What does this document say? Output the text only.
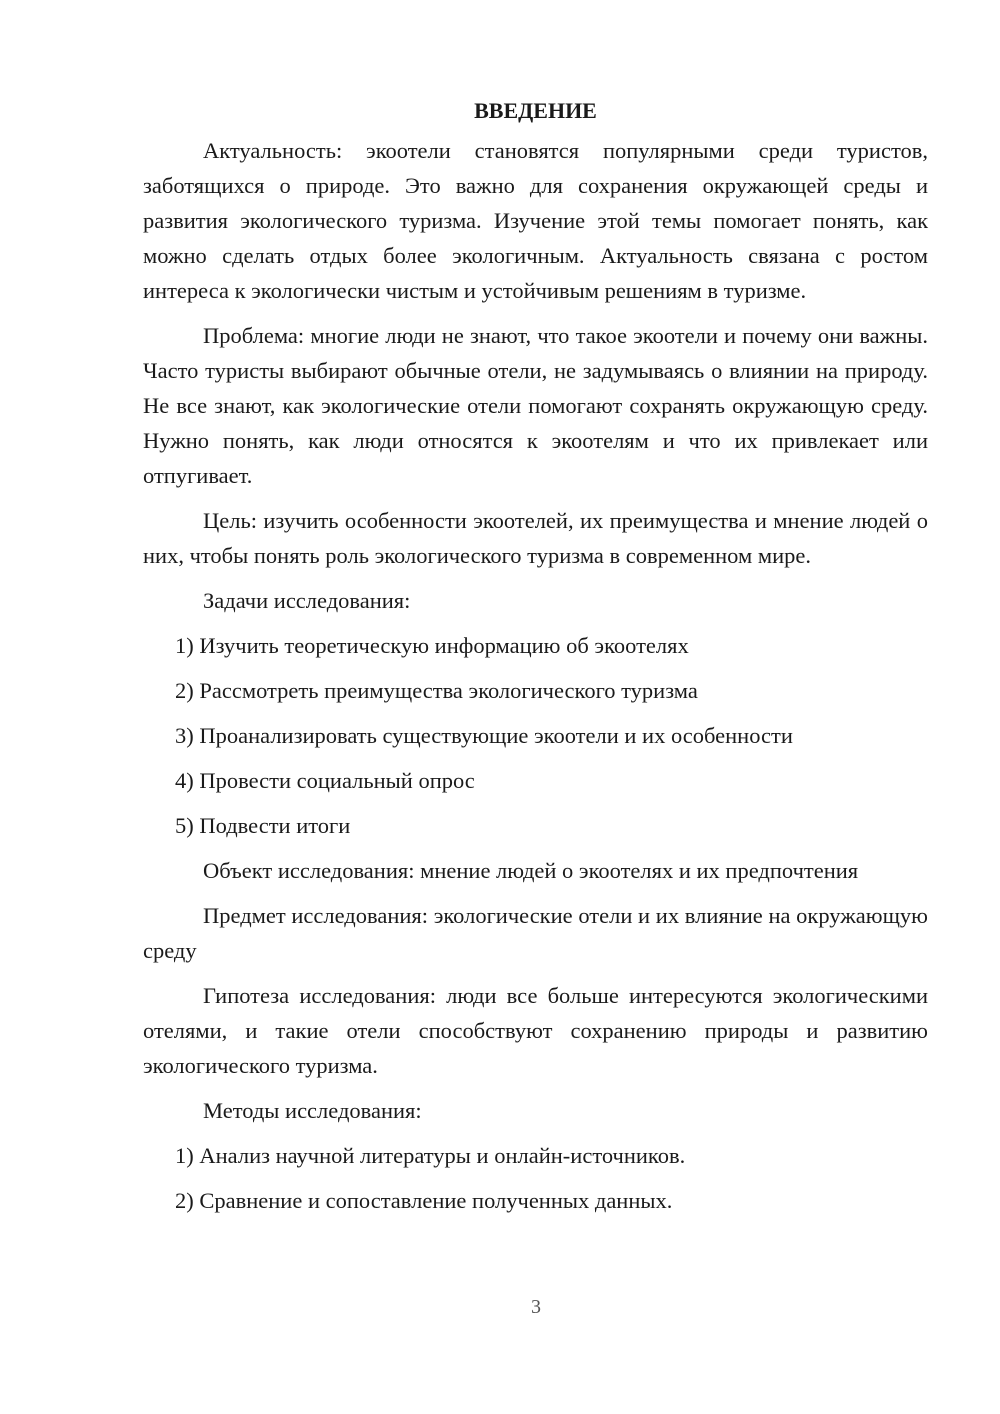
ВВЕДЕНИЕ

Актуальность: экоотели становятся популярными среди туристов, заботящихся о природе. Это важно для сохранения окружающей среды и развития экологического туризма. Изучение этой темы помогает понять, как можно сделать отдых более экологичным. Актуальность связана с ростом интереса к экологически чистым и устойчивым решениям в туризме.

Проблема: многие люди не знают, что такое экоотели и почему они важны. Часто туристы выбирают обычные отели, не задумываясь о влиянии на природу. Не все знают, как экологические отели помогают сохранять окружающую среду. Нужно понять, как люди относятся к экоотелям и что их привлекает или отпугивает.

Цель: изучить особенности экоотелей, их преимущества и мнение людей о них, чтобы понять роль экологического туризма в современном мире.

Задачи исследования:

1) Изучить теоретическую информацию об экоотелях
2) Рассмотреть преимущества экологического туризма
3) Проанализировать существующие экоотели и их особенности
4) Провести социальный опрос
5) Подвести итоги

Объект исследования: мнение людей о экоотелях и их предпочтения

Предмет исследования: экологические отели и их влияние на окружающую среду

Гипотеза исследования: люди все больше интересуются экологическими отелями, и такие отели способствуют сохранению природы и развитию экологического туризма.

Методы исследования:

1) Анализ научной литературы и онлайн-источников.
2) Сравнение и сопоставление полученных данных.
3
